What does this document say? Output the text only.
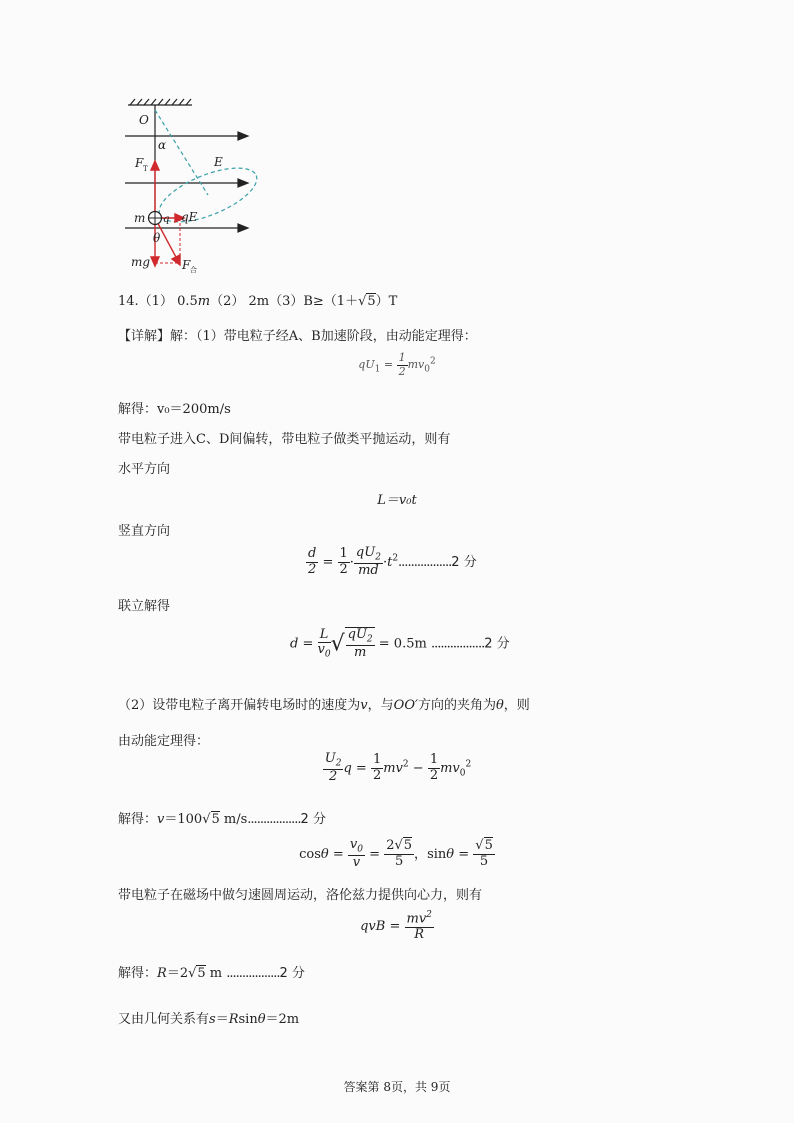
O
α
F T	E
m q qE
θ
mg	F 合
14.（1） 0.5m（2） 2m（3）B≥（1＋√5）T
【详解】解：（1）带电粒子经A、B加速阶段，由动能定理得：
$qU_1 = \frac{1}{2} mv_0^2$
解得：v₀＝200m/s
带电粒子进入C、D间偏转，带电粒子做类平抛运动，则有
水平方向
L＝v₀t
竖直方向
$\frac{d}{2} = \frac{1}{2} \cdot \frac{qU_2}{md} \cdot t^2.................2$ 分
联立解得
$d = \frac{L}{v_0}$ √ $\frac{qU_2}{m} = 0.5m$ .................2 分
（2）设带电粒子离开偏转电场时的速度为v，与OO′方向的夹角为θ，则
由动能定理得：
$\frac{U_2}{2}$ $q = \frac{1}{2} mv^2 - \frac{1}{2} mv_0^2$
解得：v＝100√5 m/s.................2 分
$\cos\theta = \frac{v_0}{v} = \frac{2√5}{5}$ ，$\sin\theta = \frac{√5}{5}$
带电粒子在磁场中做匀速圆周运动，洛伦兹力提供向心力，则有
qvB = $\frac{mv^2}{R}$
解得：R＝2√5 m .................2 分
又由几何关系有s＝Rsinθ＝2m
答案第 8页，共 9页
